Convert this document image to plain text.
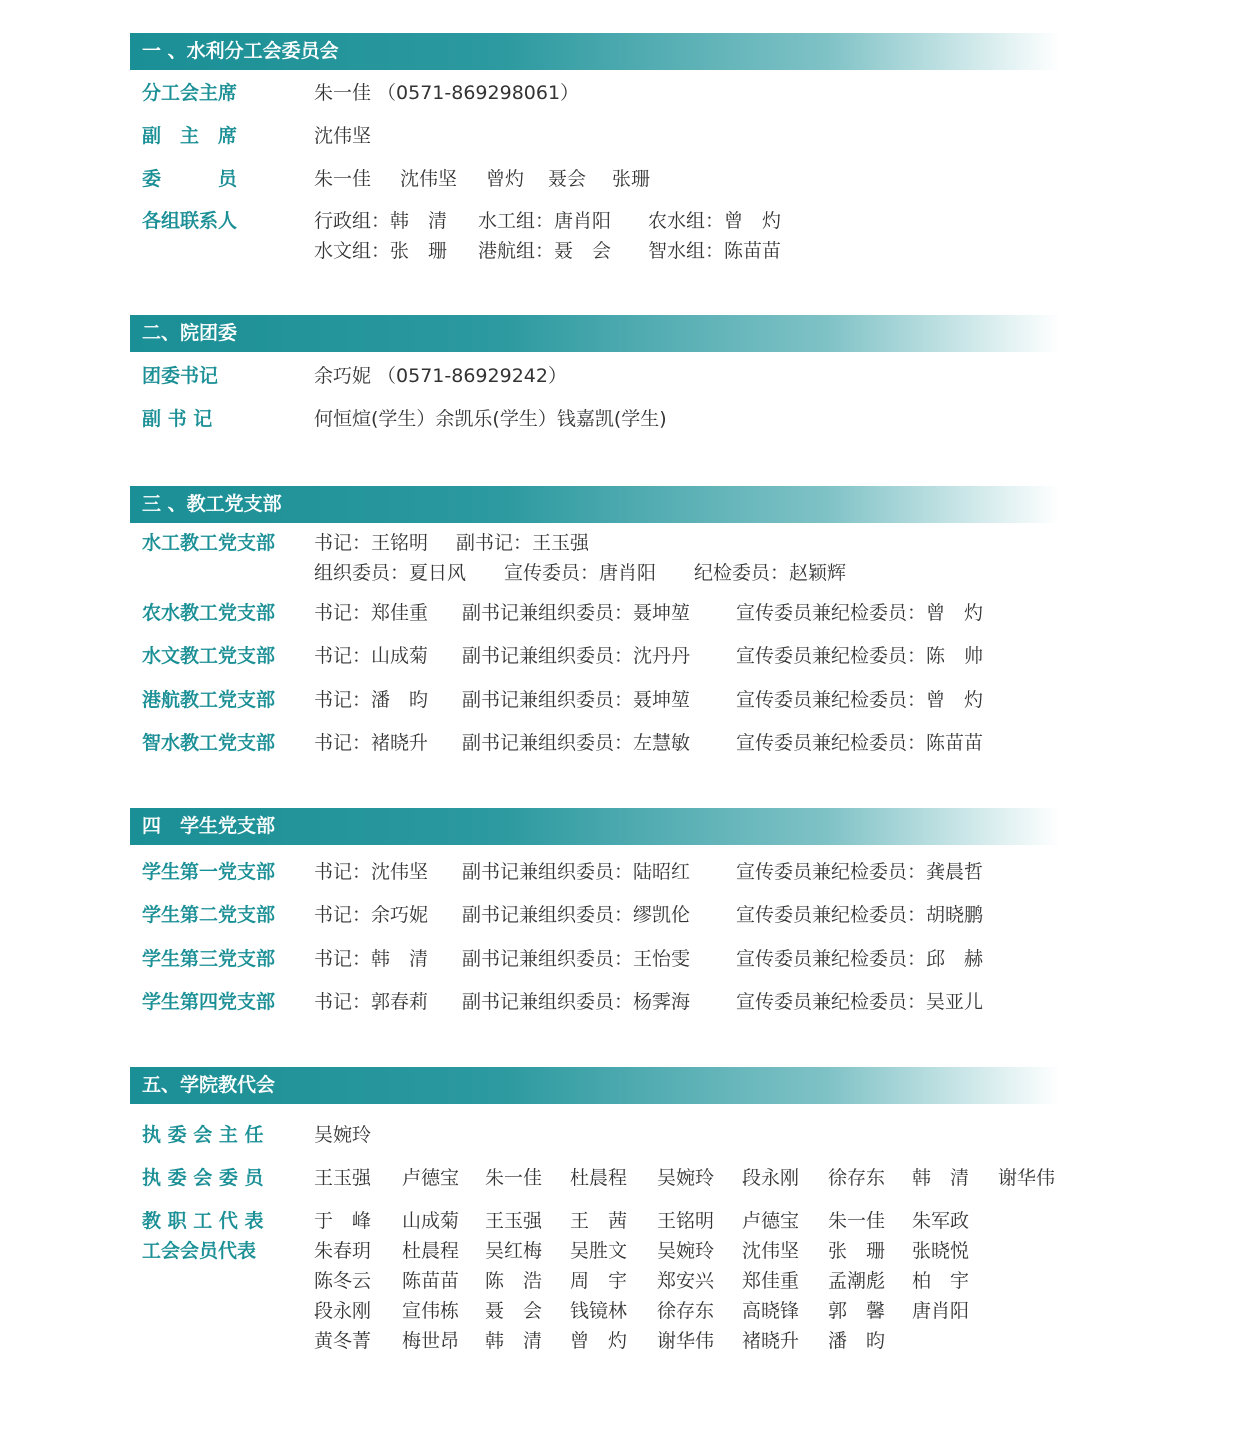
一 、水利分工会委员会
分工会主席	朱一佳 （0571-869298061）
副　主　席	沈伟坚
委　　　员	朱一佳 沈伟坚 曾灼 聂会 张珊
各组联系人	行政组：韩　清 水工组：唐肖阳 农水组：曾　灼
水文组：张　珊 港航组：聂　会 智水组：陈苗苗
二、院团委
团委书记	余巧妮 （0571-86929242）
副 书 记	何恒煊(学生）余凯乐(学生）钱嘉凯(学生)
三 、教工党支部
水工教工党支部 书记：王铭明 副书记：王玉强
组织委员：夏日风 宣传委员：唐肖阳 纪检委员：赵颖辉
农水教工党支部 书记：郑佳重 副书记兼组织委员：聂坤堃 宣传委员兼纪检委员：曾　灼
水文教工党支部 书记：山成菊 副书记兼组织委员：沈丹丹 宣传委员兼纪检委员：陈　帅
港航教工党支部 书记：潘　昀 副书记兼组织委员：聂坤堃 宣传委员兼纪检委员：曾　灼
智水教工党支部 书记：褚晓升 副书记兼组织委员：左慧敏 宣传委员兼纪检委员：陈苗苗
四　学生党支部
学生第一党支部 书记：沈伟坚 副书记兼组织委员：陆昭红 宣传委员兼纪检委员：龚晨哲
学生第二党支部 书记：余巧妮 副书记兼组织委员：缪凯伦 宣传委员兼纪检委员：胡晓鹏
学生第三党支部 书记：韩　清 副书记兼组织委员：王怡雯 宣传委员兼纪检委员：邱　赫
学生第四党支部 书记：郭春莉 副书记兼组织委员：杨霁海 宣传委员兼纪检委员：吴亚儿
五、学院教代会
执 委 会 主 任	吴婉玲
执 委 会 委 员	王玉强 卢德宝 朱一佳 杜晨程 吴婉玲 段永刚 徐存东 韩　清 谢华伟
教 职 工 代 表
工会会员代表
于　峰 山成菊 王玉强 王　茜 王铭明 卢德宝 朱一佳 朱军政
朱春玥 杜晨程 吴红梅 吴胜文 吴婉玲 沈伟坚 张　珊 张晓悦
陈冬云 陈苗苗 陈　浩 周　宇 郑安兴 郑佳重 孟潮彪 柏　宇
段永刚 宣伟栋 聂　会 钱镜林 徐存东 高晓锋 郭　馨 唐肖阳
黄冬菁 梅世昂 韩　清 曾　灼 谢华伟 褚晓升 潘　昀
